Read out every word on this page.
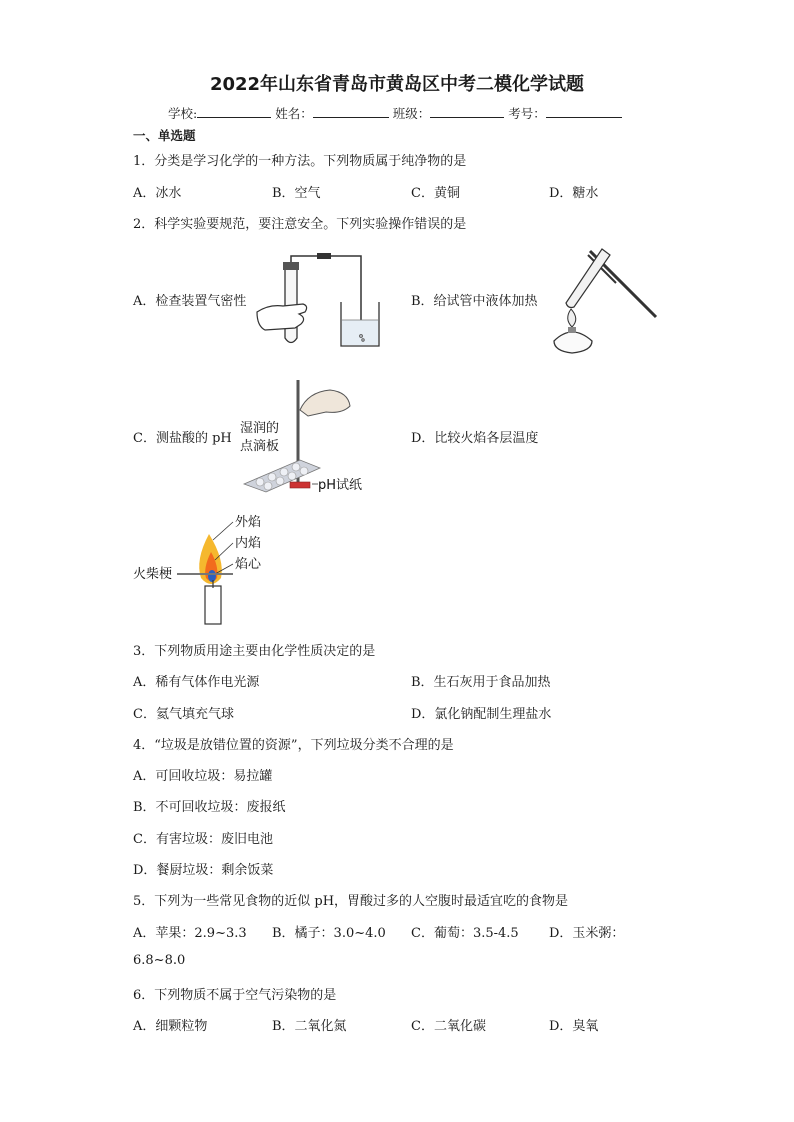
2022年山东省青岛市黄岛区中考二模化学试题
学校:	姓名：	班级：	考号：
一、单选题
1．分类是学习化学的一种方法。下列物质属于纯净物的是
A．冰水	B．空气	C．黄铜	D．糖水
2．科学实验要规范，要注意安全。下列实验操作错误的是
A．检查装置气密性	B．给试管中液体加热
C．测盐酸的 pH	D．比较火焰各层温度
湿润的
点滴板
pH试纸
外焰
内焰
焰心
火柴梗
3．下列物质用途主要由化学性质决定的是
A．稀有气体作电光源	B．生石灰用于食品加热
C．氦气填充气球	D．氯化钠配制生理盐水
4．“垃圾是放错位置的资源”，下列垃圾分类不合理的是
A．可回收垃圾：易拉罐
B．不可回收垃圾：废报纸
C．有害垃圾：废旧电池
D．餐厨垃圾：剩余饭菜
5．下列为一些常见食物的近似 pH，胃酸过多的人空腹时最适宜吃的食物是
A．苹果：2.9~3.3 B．橘子：3.0~4.0 C．葡萄：3.5-4.5 D．玉米粥：
6.8~8.0
6．下列物质不属于空气污染物的是
A．细颗粒物	B．二氧化氮	C．二氧化碳	D．臭氧
